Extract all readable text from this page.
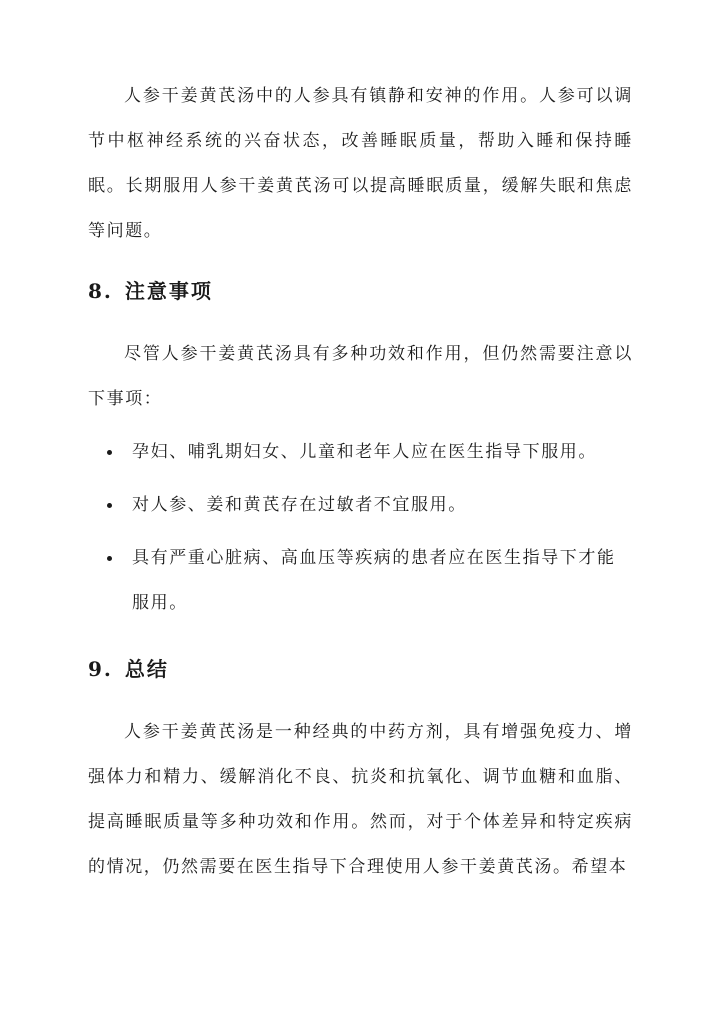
人参干姜黄芪汤中的人参具有镇静和安神的作用。人参可以调节中枢神经系统的兴奋状态，改善睡眠质量，帮助入睡和保持睡眠。长期服用人参干姜黄芪汤可以提高睡眠质量，缓解失眠和焦虑等问题。

8. 注意事项

尽管人参干姜黄芪汤具有多种功效和作用，但仍然需要注意以下事项：

孕妇、哺乳期妇女、儿童和老年人应在医生指导下服用。
对人参、姜和黄芪存在过敏者不宜服用。
具有严重心脏病、高血压等疾病的患者应在医生指导下才能服用。
9. 总结

人参干姜黄芪汤是一种经典的中药方剂，具有增强免疫力、增强体力和精力、缓解消化不良、抗炎和抗氧化、调节血糖和血脂、提高睡眠质量等多种功效和作用。然而，对于个体差异和特定疾病的情况，仍然需要在医生指导下合理使用人参干姜黄芪汤。希望本
